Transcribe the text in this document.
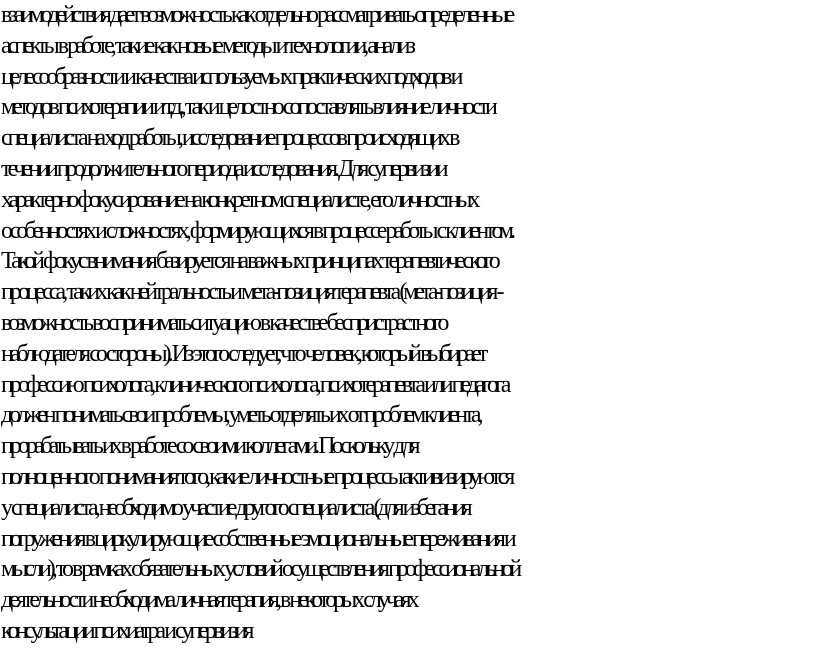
взаимодействия дает возможность как отдельно рассматривать определенные
аспекты в работе, такие как новые методы и технологии, анализ
целесообразности и качества используемых практических подходов и
методов психотерапии и т.д., так и целостно сопоставлять влияние личности
специалиста на ход работы, исследование процессов происходящих в
течении продолжительного периода исследования. Для супервизии
характерно фокусирование на конкретном специалисте, его личностных
особенностях и сложностях, формирующихся в процессе работы с клиентом.
Такой фокус внимания базируется на важных принципах терапевтического
процесса, таких как нейтральность и мета-позиция терапевта (мета-позиция -
возможность воспринимать ситуацию в качестве беспристрастного
наблюдателя со стороны). Из этого следует, что человек, который выбирает
профессию психолога, клинического психолога, психотерапевта или педагога
должен понимать свои проблемы, уметь отделять их от проблем клиента,
прорабатывать их в работе со своими коллегами. Поскольку для
полноценного понимания того, какие личностные процессы активизируются
у специалиста, необходимо участие другого специалиста (для избегания
погружения в циркулирующие собственные эмоциональные переживания и
мысли), то в рамках обязательных условий осуществления профессиональной
деятельности необходима личная терапия, в некоторых случаях
консультации психиатра и супервизия
